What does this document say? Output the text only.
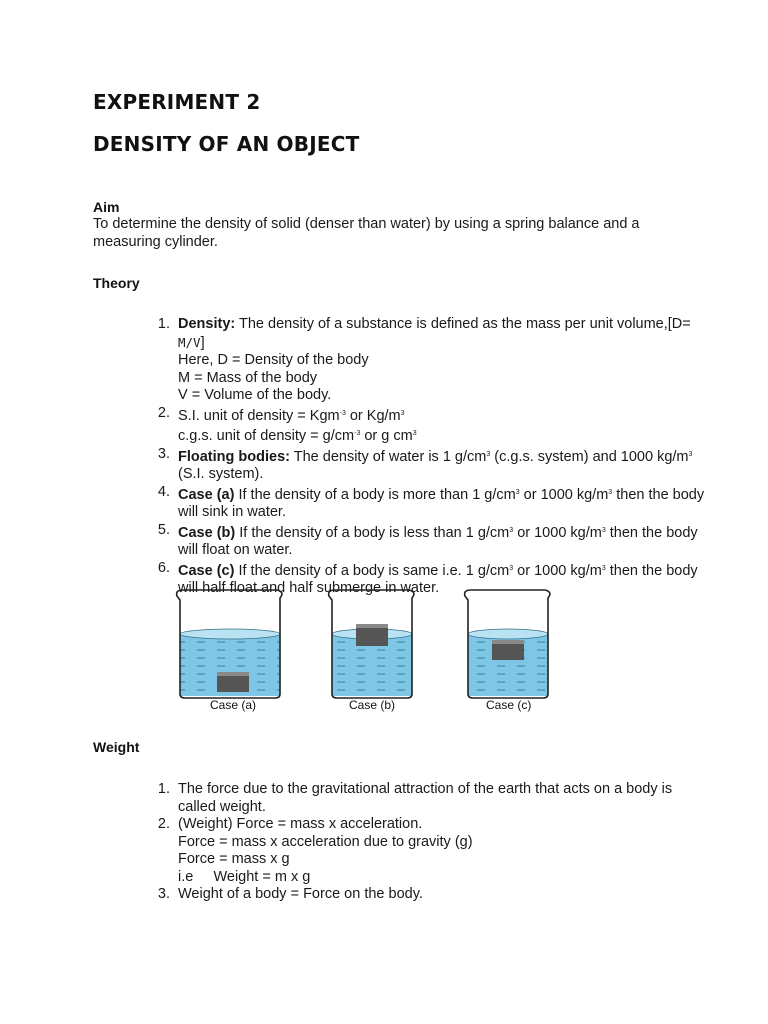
EXPERIMENT 2
DENSITY OF AN OBJECT
Aim
To determine the density of solid (denser than water) by using a spring balance and a measuring cylinder.
Theory
1. Density: The density of a substance is defined as the mass per unit volume,[D= M/V]
Here, D = Density of the body
M = Mass of the body
V = Volume of the body.
2. S.I. unit of density = Kgm$^{-3}$ or $Kg/m^3$
c.g.s. unit of density = $g/cm^{-3}$ or g $cm^3$
3. Floating bodies: The density of water is 1 $g/cm^3$ (c.g.s. system) and 1000 $kg/m^3$ (S.I. system).
4. Case (a) If the density of a body is more than 1 $g/cm^3$ or 1000 $kg/m^3$ then the body will sink in water.
5. Case (b) If the density of a body is less than 1 $g/cm^3$ or 1000 $kg/m^3$ then the body will float on water.
6. Case (c) If the density of a body is same i.e. 1 $g/cm^3$ or 1000 $kg/m^3$ then the body will half float and half submerge in water.
Case (a)	Case (b)	Case (c)
Weight
1. The force due to the gravitational attraction of the earth that acts on a body is called weight.
2. (Weight) Force = mass x acceleration.
Force = mass x acceleration due to gravity (g)
Force = mass x g
i.e     Weight = m x g
3. Weight of a body = Force on the body.
